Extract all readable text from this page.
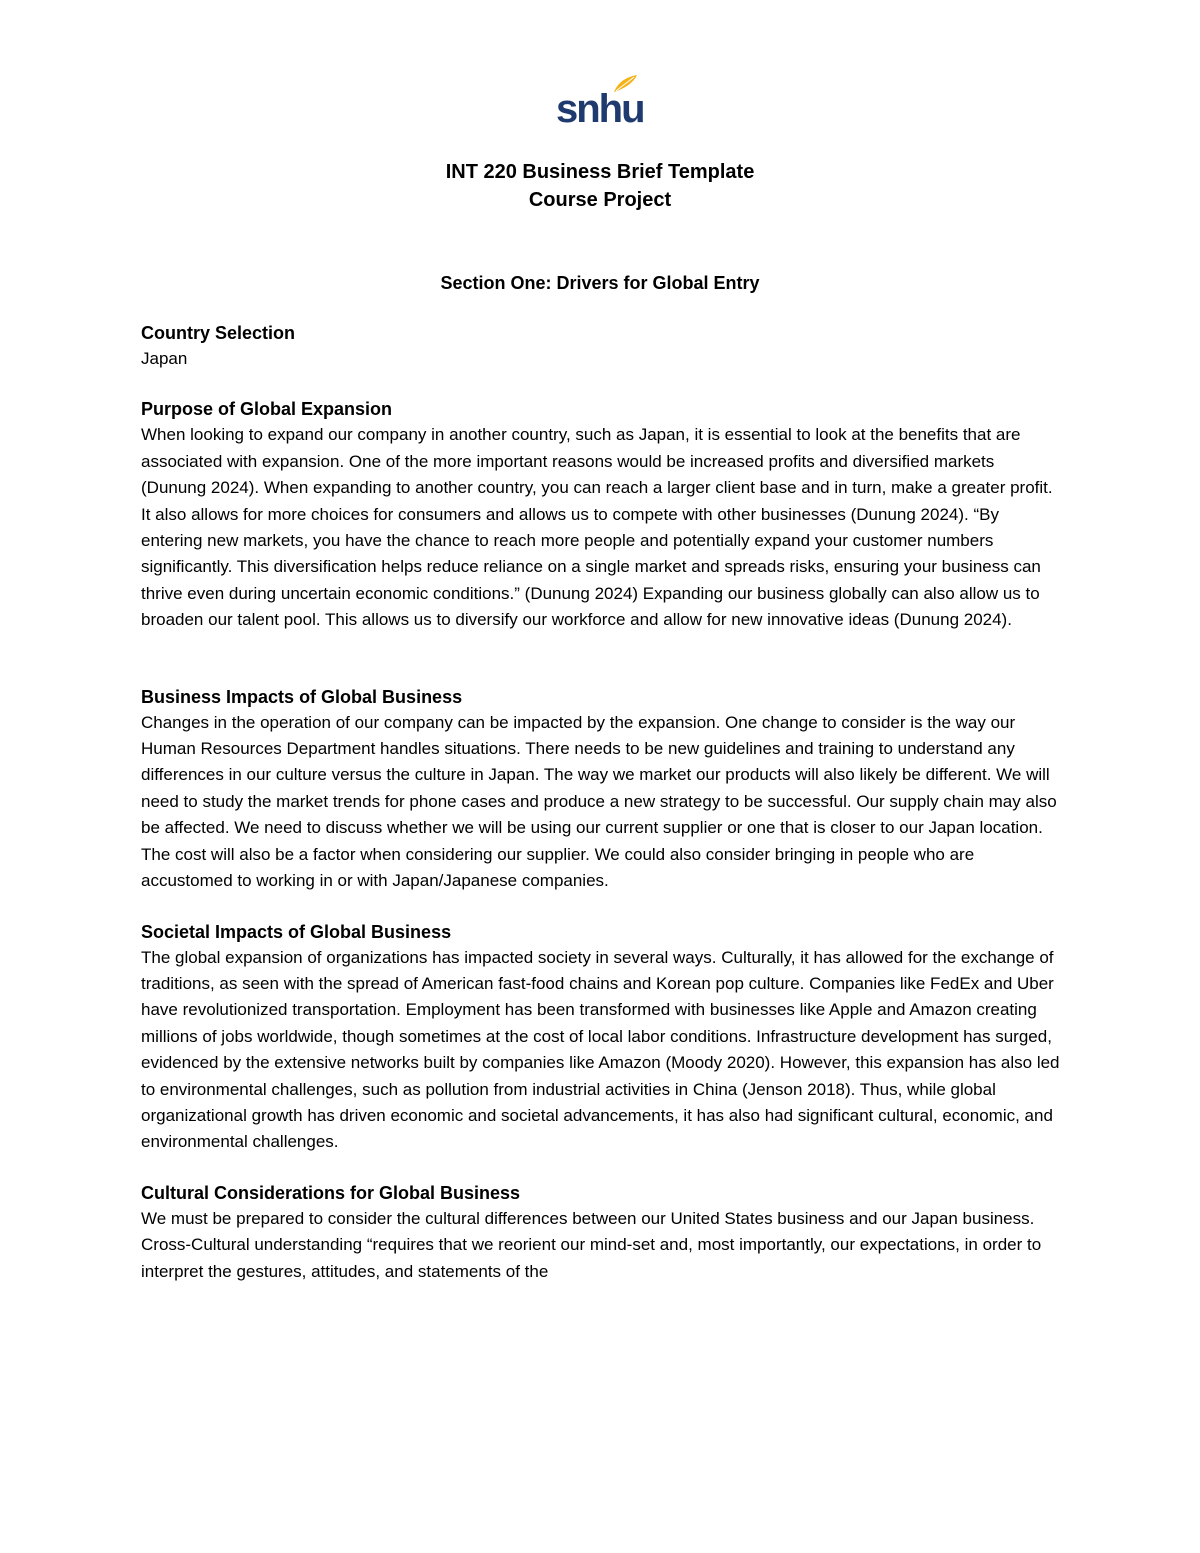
snhu
INT 220 Business Brief Template
Course Project
Section One: Drivers for Global Entry

Country Selection

Japan

Purpose of Global Expansion

When looking to expand our company in another country, such as Japan, it is essential to look at the benefits that are associated with expansion. One of the more important reasons would be increased profits and diversified markets (Dunung 2024). When expanding to another country, you can reach a larger client base and in turn, make a greater profit. It also allows for more choices for consumers and allows us to compete with other businesses (Dunung 2024). “By entering new markets, you have the chance to reach more people and potentially expand your customer numbers significantly. This diversification helps reduce reliance on a single market and spreads risks, ensuring your business can thrive even during uncertain economic conditions.” (Dunung 2024) Expanding our business globally can also allow us to broaden our talent pool. This allows us to diversify our workforce and allow for new innovative ideas (Dunung 2024).

Business Impacts of Global Business

Changes in the operation of our company can be impacted by the expansion. One change to consider is the way our Human Resources Department handles situations. There needs to be new guidelines and training to understand any differences in our culture versus the culture in Japan. The way we market our products will also likely be different. We will need to study the market trends for phone cases and produce a new strategy to be successful. Our supply chain may also be affected. We need to discuss whether we will be using our current supplier or one that is closer to our Japan location. The cost will also be a factor when considering our supplier. We could also consider bringing in people who are accustomed to working in or with Japan/Japanese companies.

Societal Impacts of Global Business

The global expansion of organizations has impacted society in several ways. Culturally, it has allowed for the exchange of traditions, as seen with the spread of American fast-food chains and Korean pop culture. Companies like FedEx and Uber have revolutionized transportation. Employment has been transformed with businesses like Apple and Amazon creating millions of jobs worldwide, though sometimes at the cost of local labor conditions. Infrastructure development has surged, evidenced by the extensive networks built by companies like Amazon (Moody 2020). However, this expansion has also led to environmental challenges, such as pollution from industrial activities in China (Jenson 2018). Thus, while global organizational growth has driven economic and societal advancements, it has also had significant cultural, economic, and environmental challenges.

Cultural Considerations for Global Business

We must be prepared to consider the cultural differences between our United States business and our Japan business. Cross-Cultural understanding “requires that we reorient our mind-set and, most importantly, our expectations, in order to interpret the gestures, attitudes, and statements of the
